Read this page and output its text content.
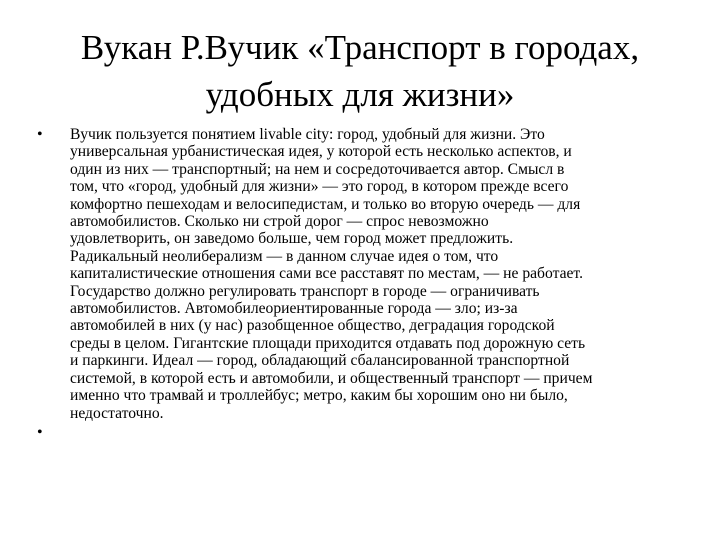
Вукан Р.Вучик «Транспорт в городах,
удобных для жизни»
• Вучик пользуется понятием livable city: город, удобный для жизни. Это
универсальная урбанистическая идея, у которой есть несколько аспектов, и
один из них — транспортный; на нем и сосредоточивается автор. Смысл в
том, что «город, удобный для жизни» — это город, в котором прежде всего
комфортно пешеходам и велосипедистам, и только во вторую очередь — для
автомобилистов. Сколько ни строй дорог — спрос невозможно
удовлетворить, он заведомо больше, чем город может предложить.
Радикальный неолиберализм — в данном случае идея о том, что
капиталистические отношения сами все расставят по местам, — не работает.
Государство должно регулировать транспорт в городе — ограничивать
автомобилистов. Автомобилеориентированные города — зло; из-за
автомобилей в них (у нас) разобщенное общество, деградация городской
среды в целом. Гигантские площади приходится отдавать под дорожную сеть
и паркинги. Идеал — город, обладающий сбалансированной транспортной
системой, в которой есть и автомобили, и общественный транспорт — причем
именно что трамвай и троллейбус; метро, каким бы хорошим оно ни было,
недостаточно.
•
